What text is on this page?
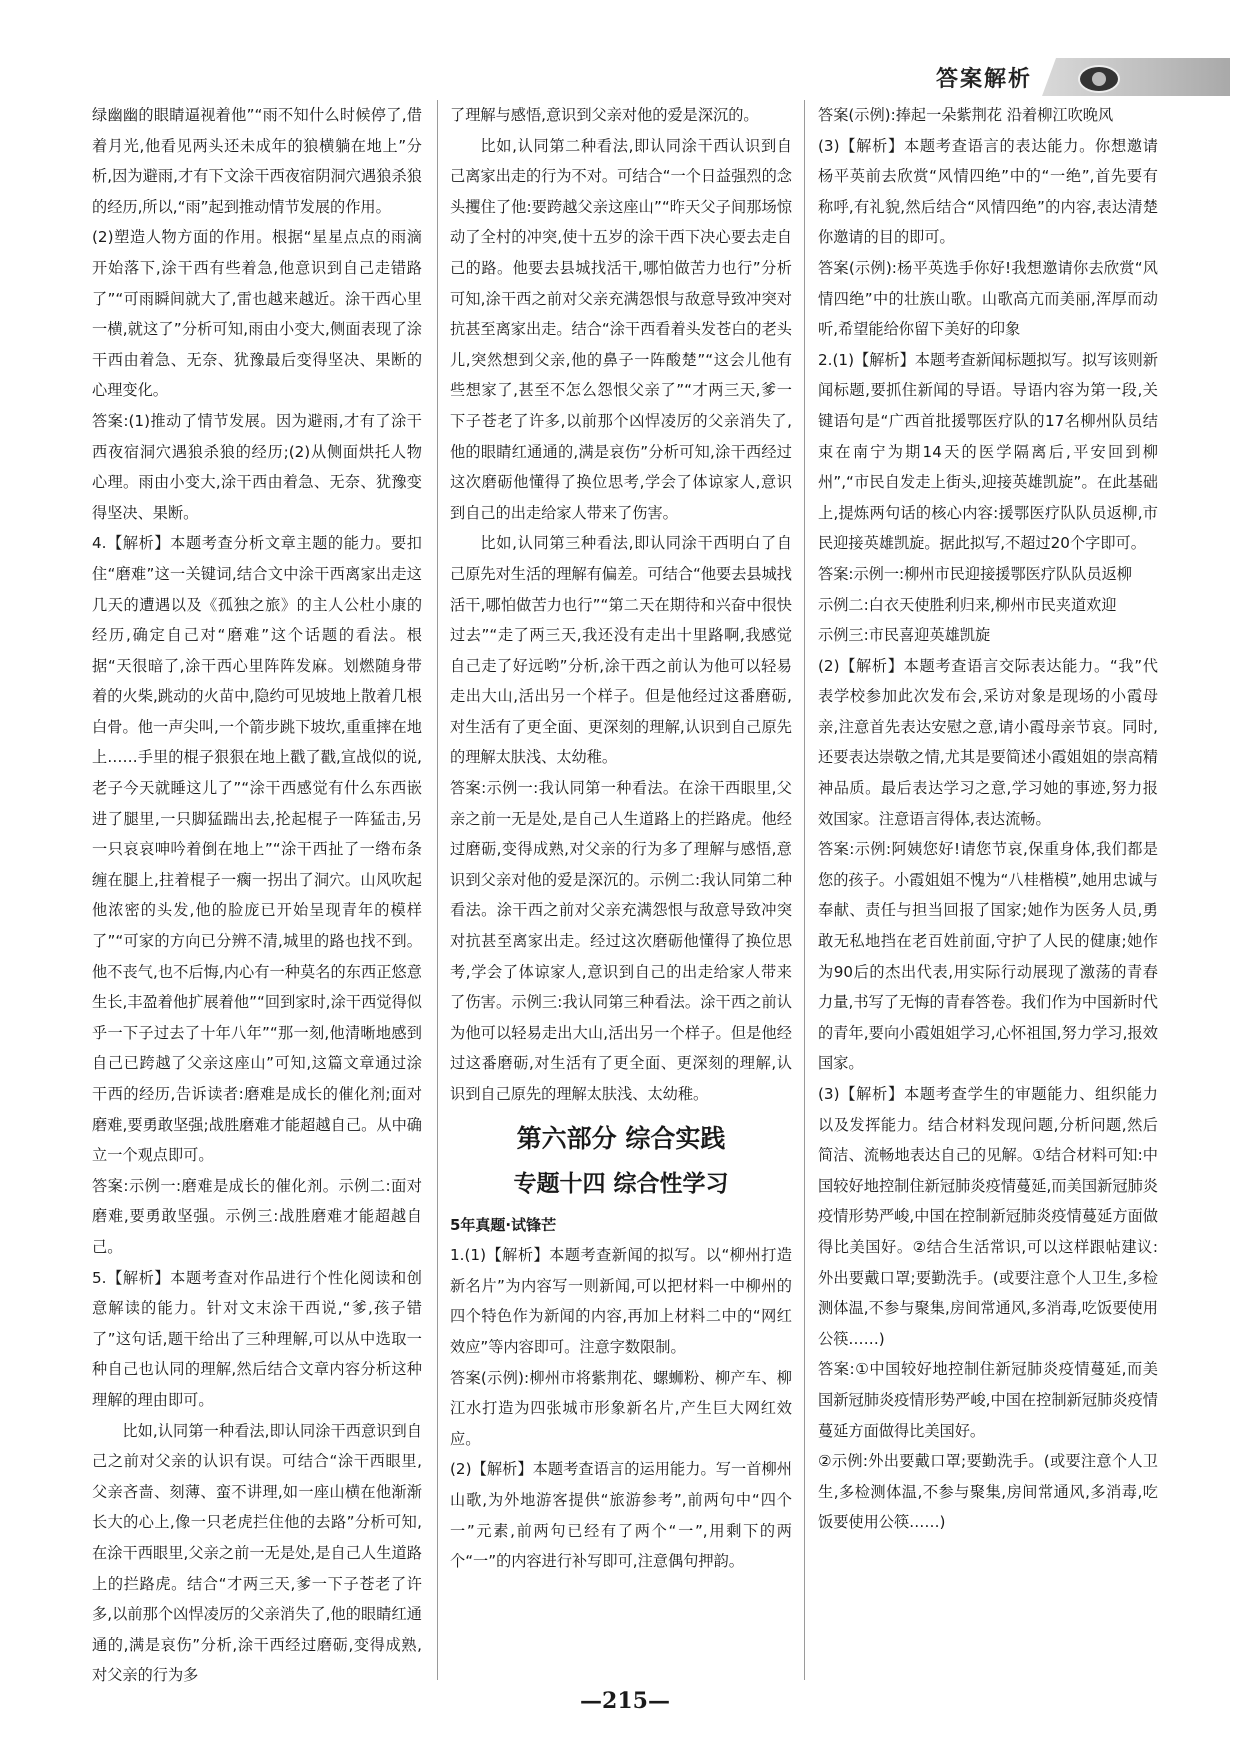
答案解析

绿幽幽的眼睛逼视着他”“雨不知什么时候停了,借着月光,他看见两头还未成年的狼横躺在地上”分析,因为避雨,才有下文涂干西夜宿阴洞穴遇狼杀狼的经历,所以,“雨”起到推动情节发展的作用。

(2)塑造人物方面的作用。根据“星星点点的雨滴开始落下,涂干西有些着急,他意识到自己走错路了”“可雨瞬间就大了,雷也越来越近。涂干西心里一横,就这了”分析可知,雨由小变大,侧面表现了涂干西由着急、无奈、犹豫最后变得坚决、果断的心理变化。

答案:(1)推动了情节发展。因为避雨,才有了涂干西夜宿洞穴遇狼杀狼的经历;(2)从侧面烘托人物心理。雨由小变大,涂干西由着急、无奈、犹豫变得坚决、果断。

4.【解析】本题考查分析文章主题的能力。要扣住“磨难”这一关键词,结合文中涂干西离家出走这几天的遭遇以及《孤独之旅》的主人公杜小康的经历,确定自己对“磨难”这个话题的看法。根据“天很暗了,涂干西心里阵阵发麻。划燃随身带着的火柴,跳动的火苗中,隐约可见坡地上散着几根白骨。他一声尖叫,一个箭步跳下坡坎,重重摔在地上……手里的棍子狠狠在地上戳了戳,宣战似的说,老子今天就睡这儿了”“涂干西感觉有什么东西嵌进了腿里,一只脚猛踹出去,抡起棍子一阵猛击,另一只哀哀呻吟着倒在地上”“涂干西扯了一绺布条缠在腿上,拄着棍子一瘸一拐出了洞穴。山风吹起他浓密的头发,他的脸庞已开始呈现青年的模样了”“可家的方向已分辨不清,城里的路也找不到。他不丧气,也不后悔,内心有一种莫名的东西正悠意生长,丰盈着他扩展着他”“回到家时,涂干西觉得似乎一下子过去了十年八年”“那一刻,他清晰地感到自己已跨越了父亲这座山”可知,这篇文章通过涂干西的经历,告诉读者:磨难是成长的催化剂;面对磨难,要勇敢坚强;战胜磨难才能超越自己。从中确立一个观点即可。

答案:示例一:磨难是成长的催化剂。示例二:面对磨难,要勇敢坚强。示例三:战胜磨难才能超越自己。

5.【解析】本题考查对作品进行个性化阅读和创意解读的能力。针对文末涂干西说,“爹,孩子错了”这句话,题干给出了三种理解,可以从中选取一种自己也认同的理解,然后结合文章内容分析这种理解的理由即可。

比如,认同第一种看法,即认同涂干西意识到自己之前对父亲的认识有误。可结合“涂干西眼里,父亲吝啬、刻薄、蛮不讲理,如一座山横在他渐渐长大的心上,像一只老虎拦住他的去路”分析可知,在涂干西眼里,父亲之前一无是处,是自己人生道路上的拦路虎。结合“才两三天,爹一下子苍老了许多,以前那个凶悍凌厉的父亲消失了,他的眼睛红通通的,满是哀伤”分析,涂干西经过磨砺,变得成熟,对父亲的行为多

了理解与感悟,意识到父亲对他的爱是深沉的。

比如,认同第二种看法,即认同涂干西认识到自己离家出走的行为不对。可结合“一个日益强烈的念头攫住了他:要跨越父亲这座山”“昨天父子间那场惊动了全村的冲突,使十五岁的涂干西下决心要去走自己的路。他要去县城找活干,哪怕做苦力也行”分析可知,涂干西之前对父亲充满怨恨与敌意导致冲突对抗甚至离家出走。结合“涂干西看着头发苍白的老头儿,突然想到父亲,他的鼻子一阵酸楚”“这会儿他有些想家了,甚至不怎么怨恨父亲了”“才两三天,爹一下子苍老了许多,以前那个凶悍凌厉的父亲消失了,他的眼睛红通通的,满是哀伤”分析可知,涂干西经过这次磨砺他懂得了换位思考,学会了体谅家人,意识到自己的出走给家人带来了伤害。

比如,认同第三种看法,即认同涂干西明白了自己原先对生活的理解有偏差。可结合“他要去县城找活干,哪怕做苦力也行”“第二天在期待和兴奋中很快过去”“走了两三天,我还没有走出十里路啊,我感觉自己走了好远哟”分析,涂干西之前认为他可以轻易走出大山,活出另一个样子。但是他经过这番磨砺,对生活有了更全面、更深刻的理解,认识到自己原先的理解太肤浅、太幼稚。

答案:示例一:我认同第一种看法。在涂干西眼里,父亲之前一无是处,是自己人生道路上的拦路虎。他经过磨砺,变得成熟,对父亲的行为多了理解与感悟,意识到父亲对他的爱是深沉的。示例二:我认同第二种看法。涂干西之前对父亲充满怨恨与敌意导致冲突对抗甚至离家出走。经过这次磨砺他懂得了换位思考,学会了体谅家人,意识到自己的出走给家人带来了伤害。示例三:我认同第三种看法。涂干西之前认为他可以轻易走出大山,活出另一个样子。但是他经过这番磨砺,对生活有了更全面、更深刻的理解,认识到自己原先的理解太肤浅、太幼稚。

第六部分 综合实践
专题十四 综合性学习
5年真题·试锋芒

1.(1)【解析】本题考查新闻的拟写。以“柳州打造新名片”为内容写一则新闻,可以把材料一中柳州的四个特色作为新闻的内容,再加上材料二中的“网红效应”等内容即可。注意字数限制。

答案(示例):柳州市将紫荆花、螺蛳粉、柳产车、柳江水打造为四张城市形象新名片,产生巨大网红效应。

(2)【解析】本题考查语言的运用能力。写一首柳州山歌,为外地游客提供“旅游参考”,前两句中“四个一”元素,前两句已经有了两个“一”,用剩下的两个“一”的内容进行补写即可,注意偶句押韵。

答案(示例):捧起一朵紫荆花 沿着柳江吹晚风

(3)【解析】本题考查语言的表达能力。你想邀请杨平英前去欣赏“风情四绝”中的“一绝”,首先要有称呼,有礼貌,然后结合“风情四绝”的内容,表达清楚你邀请的目的即可。

答案(示例):杨平英选手你好!我想邀请你去欣赏“风情四绝”中的壮族山歌。山歌高亢而美丽,浑厚而动听,希望能给你留下美好的印象

2.(1)【解析】本题考查新闻标题拟写。拟写该则新闻标题,要抓住新闻的导语。导语内容为第一段,关键语句是“广西首批援鄂医疗队的17名柳州队员结束在南宁为期14天的医学隔离后,平安回到柳州”,“市民自发走上街头,迎接英雄凯旋”。在此基础上,提炼两句话的核心内容:援鄂医疗队队员返柳,市民迎接英雄凯旋。据此拟写,不超过20个字即可。

答案:示例一:柳州市民迎接援鄂医疗队队员返柳

示例二:白衣天使胜利归来,柳州市民夹道欢迎

示例三:市民喜迎英雄凯旋

(2)【解析】本题考查语言交际表达能力。“我”代表学校参加此次发布会,采访对象是现场的小霞母亲,注意首先表达安慰之意,请小霞母亲节哀。同时,还要表达崇敬之情,尤其是要简述小霞姐姐的崇高精神品质。最后表达学习之意,学习她的事迹,努力报效国家。注意语言得体,表达流畅。

答案:示例:阿姨您好!请您节哀,保重身体,我们都是您的孩子。小霞姐姐不愧为“八桂楷模”,她用忠诚与奉献、责任与担当回报了国家;她作为医务人员,勇敢无私地挡在老百姓前面,守护了人民的健康;她作为90后的杰出代表,用实际行动展现了激荡的青春力量,书写了无悔的青春答卷。我们作为中国新时代的青年,要向小霞姐姐学习,心怀祖国,努力学习,报效国家。

(3)【解析】本题考查学生的审题能力、组织能力以及发挥能力。结合材料发现问题,分析问题,然后简洁、流畅地表达自己的见解。①结合材料可知:中国较好地控制住新冠肺炎疫情蔓延,而美国新冠肺炎疫情形势严峻,中国在控制新冠肺炎疫情蔓延方面做得比美国好。②结合生活常识,可以这样跟帖建议:外出要戴口罩;要勤洗手。(或要注意个人卫生,多检测体温,不参与聚集,房间常通风,多消毒,吃饭要使用公筷……)

答案:①中国较好地控制住新冠肺炎疫情蔓延,而美国新冠肺炎疫情形势严峻,中国在控制新冠肺炎疫情蔓延方面做得比美国好。

②示例:外出要戴口罩;要勤洗手。(或要注意个人卫生,多检测体温,不参与聚集,房间常通风,多消毒,吃饭要使用公筷……)

—215—
